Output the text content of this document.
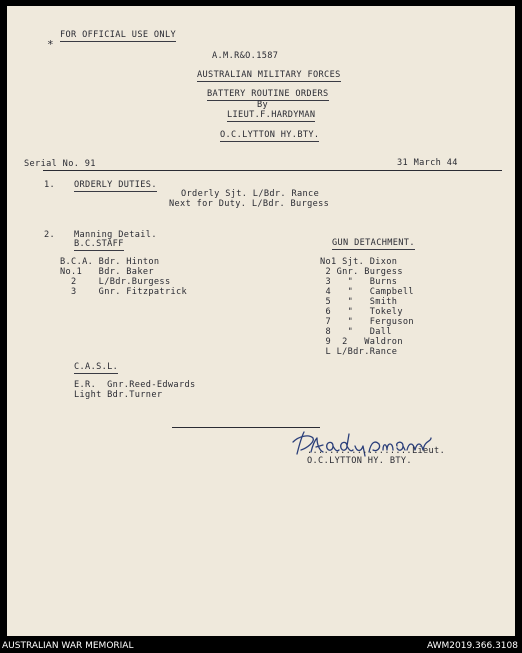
*
FOR OFFICIAL USE ONLY
A.M.R&O.1587
AUSTRALIAN MILITARY FORCES
BATTERY ROUTINE ORDERS
By
LIEUT.F.HARDYMAN
O.C.LYTTON HY.BTY.
Serial No. 91	31 March 44
1. ORDERLY DUTIES.
Orderly Sjt. L/Bdr. Rance
Next for Duty. L/Bdr. Burgess
2. Manning Detail.
B.C.STAFF
B.C.A. Bdr. Hinton
No.1   Bdr. Baker
2    L/Bdr.Burgess
3    Gnr. Fitzpatrick
GUN DETACHMENT.
No1 Sjt. Dixon
2 Gnr. Burgess
3   "   Burns
4   "   Campbell
5   "   Smith
6   "   Tokely
7   "   Ferguson
8   "   Dall
9  2   Waldron
L L/Bdr.Rance
C.A.S.L.
E.R.  Gnr.Reed-Edwards
Light Bdr.Turner
...................Lieut.
O.C.LYTTON HY. BTY.
AUSTRALIAN WAR MEMORIAL	AWM2019.366.3108
